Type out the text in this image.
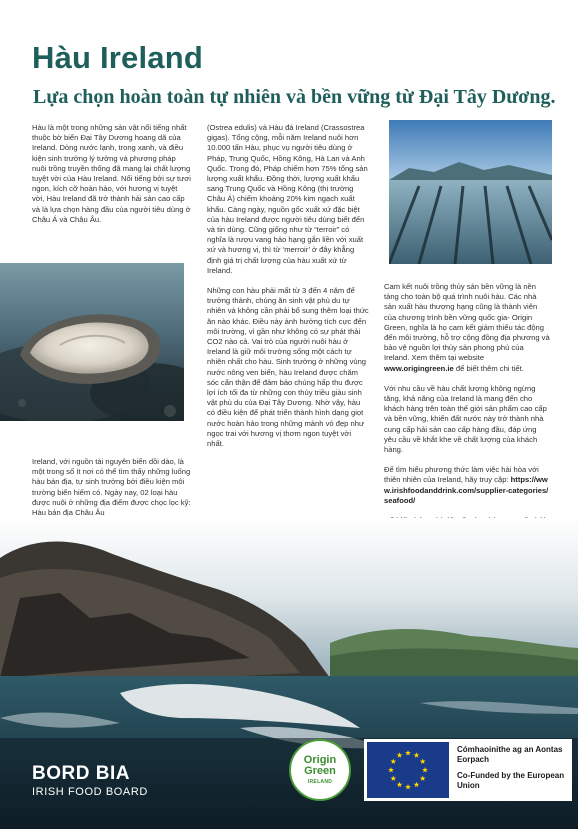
Hàu Ireland
Lựa chọn hoàn toàn tự nhiên và bền vững từ Đại Tây Dương.

Hàu là một trong những sản vật nổi tiếng nhất thuộc bờ biển Đại Tây Dương hoang dã của Ireland. Dòng nước lạnh, trong xanh, và điều kiện sinh trưởng lý tưởng và phương pháp nuôi trồng truyền thống đã mang lại chất lượng tuyệt vời của Hàu Ireland. Nổi tiếng bởi sự tươi ngon, kích cỡ hoàn hảo, với hương vị tuyệt vời, Hàu Ireland đã trở thành hải sản cao cấp và là lựa chọn hàng đầu của người tiêu dùng ở Châu Á và Châu Âu.

Ireland, với nguồn tài nguyên biển dồi dào, là một trong số ít nơi có thể tìm thấy những luống hàu bản địa, tự sinh trưởng bởi điều kiện môi trường biển hiếm có. Ngày nay, 02 loại hàu được nuôi ở những địa điểm được chọc lọc kỹ: Hàu bản địa Châu Âu

(Ostrea edulis) và Hàu đá Ireland (Crassostrea gigas). Tổng cộng, mỗi năm Ireland nuôi hơn 10.000 tấn Hàu, phục vụ người tiêu dùng ở Pháp, Trung Quốc, Hồng Kông, Hà Lan và Anh Quốc. Trong đó, Pháp chiếm hơn 75% tổng sản lượng xuất khẩu. Đồng thời, lượng xuất khẩu sang Trung Quốc và Hồng Kông (thị trường Châu Á) chiếm khoảng 20% kim ngạch xuất khẩu. Càng ngày, nguồn gốc xuất xứ đặc biệt của hàu Ireland được người tiêu dùng biết đến và tin dùng. Cũng giống như từ “terroir” có nghĩa là rượu vang hảo hạng gắn liền với xuất xứ và hương vị, thì từ ‘merroir’ ở đây khẳng định giá trị chất lượng của hàu xuất xứ từ Ireland.

Những con hàu phải mất từ 3 đến 4 năm để trưởng thành, chúng ăn sinh vật phù du tự nhiên và không cần phải bổ sung thêm loại thức ăn nào khác. Điều này ảnh hưởng tích cực đến môi trường, vì gần như không có sự phát thải CO2 nào cả. Vai trò của người nuôi hàu ở Ireland là giữ môi trường sống một cách tự nhiên nhất cho hàu. Sinh trưởng ở những vùng nước nông ven biển, hàu Ireland được chăm sóc cẩn thận để đảm bảo chúng hấp thu được lợi ích tối đa từ những con thủy triều giàu sinh vật phù du của Đại Tây Dương. Nhờ vậy, hàu có điều kiện để phát triển thành hình dạng giọt nước hoàn hảo trong những mảnh vỏ đẹp như ngọc trai với hương vị thơm ngon tuyệt vời nhất.

Cam kết nuôi trồng thủy sản bền vững là nền tảng cho toàn bộ quá trình nuôi hàu. Các nhà sản xuất hàu thượng hạng cũng là thành viên của chương trình bền vững quốc gia- Origin Green, nghĩa là họ cam kết giảm thiểu tác động đến môi trường, hỗ trợ cộng đồng địa phương và bảo vệ nguồn lợi thủy sản phong phú của Ireland. Xem thêm tại website www.origingreen.ie để biết thêm chi tiết.

Với nhu cầu về hàu chất lượng không ngừng tăng, khả năng của Ireland là mang đến cho khách hàng trên toàn thế giới sản phẩm cao cấp và bền vững, khiến đất nước này trở thành nhà cung cấp hải sản cao cấp hàng đầu, đáp ứng yêu cầu về khắt khe về chất lượng của khách hàng.

Để tìm hiểu phương thức làm việc hài hòa với thiên nhiên của Ireland, hãy truy cập: https://www.irishfoodanddrink.com/supplier-categories/seafood/

BORD BIA
IRISH FOOD BOARD
Origin
Green
IRELAND
Cómhaoinithe ag an Aontas Eorpach
Co-Funded by the European Union
